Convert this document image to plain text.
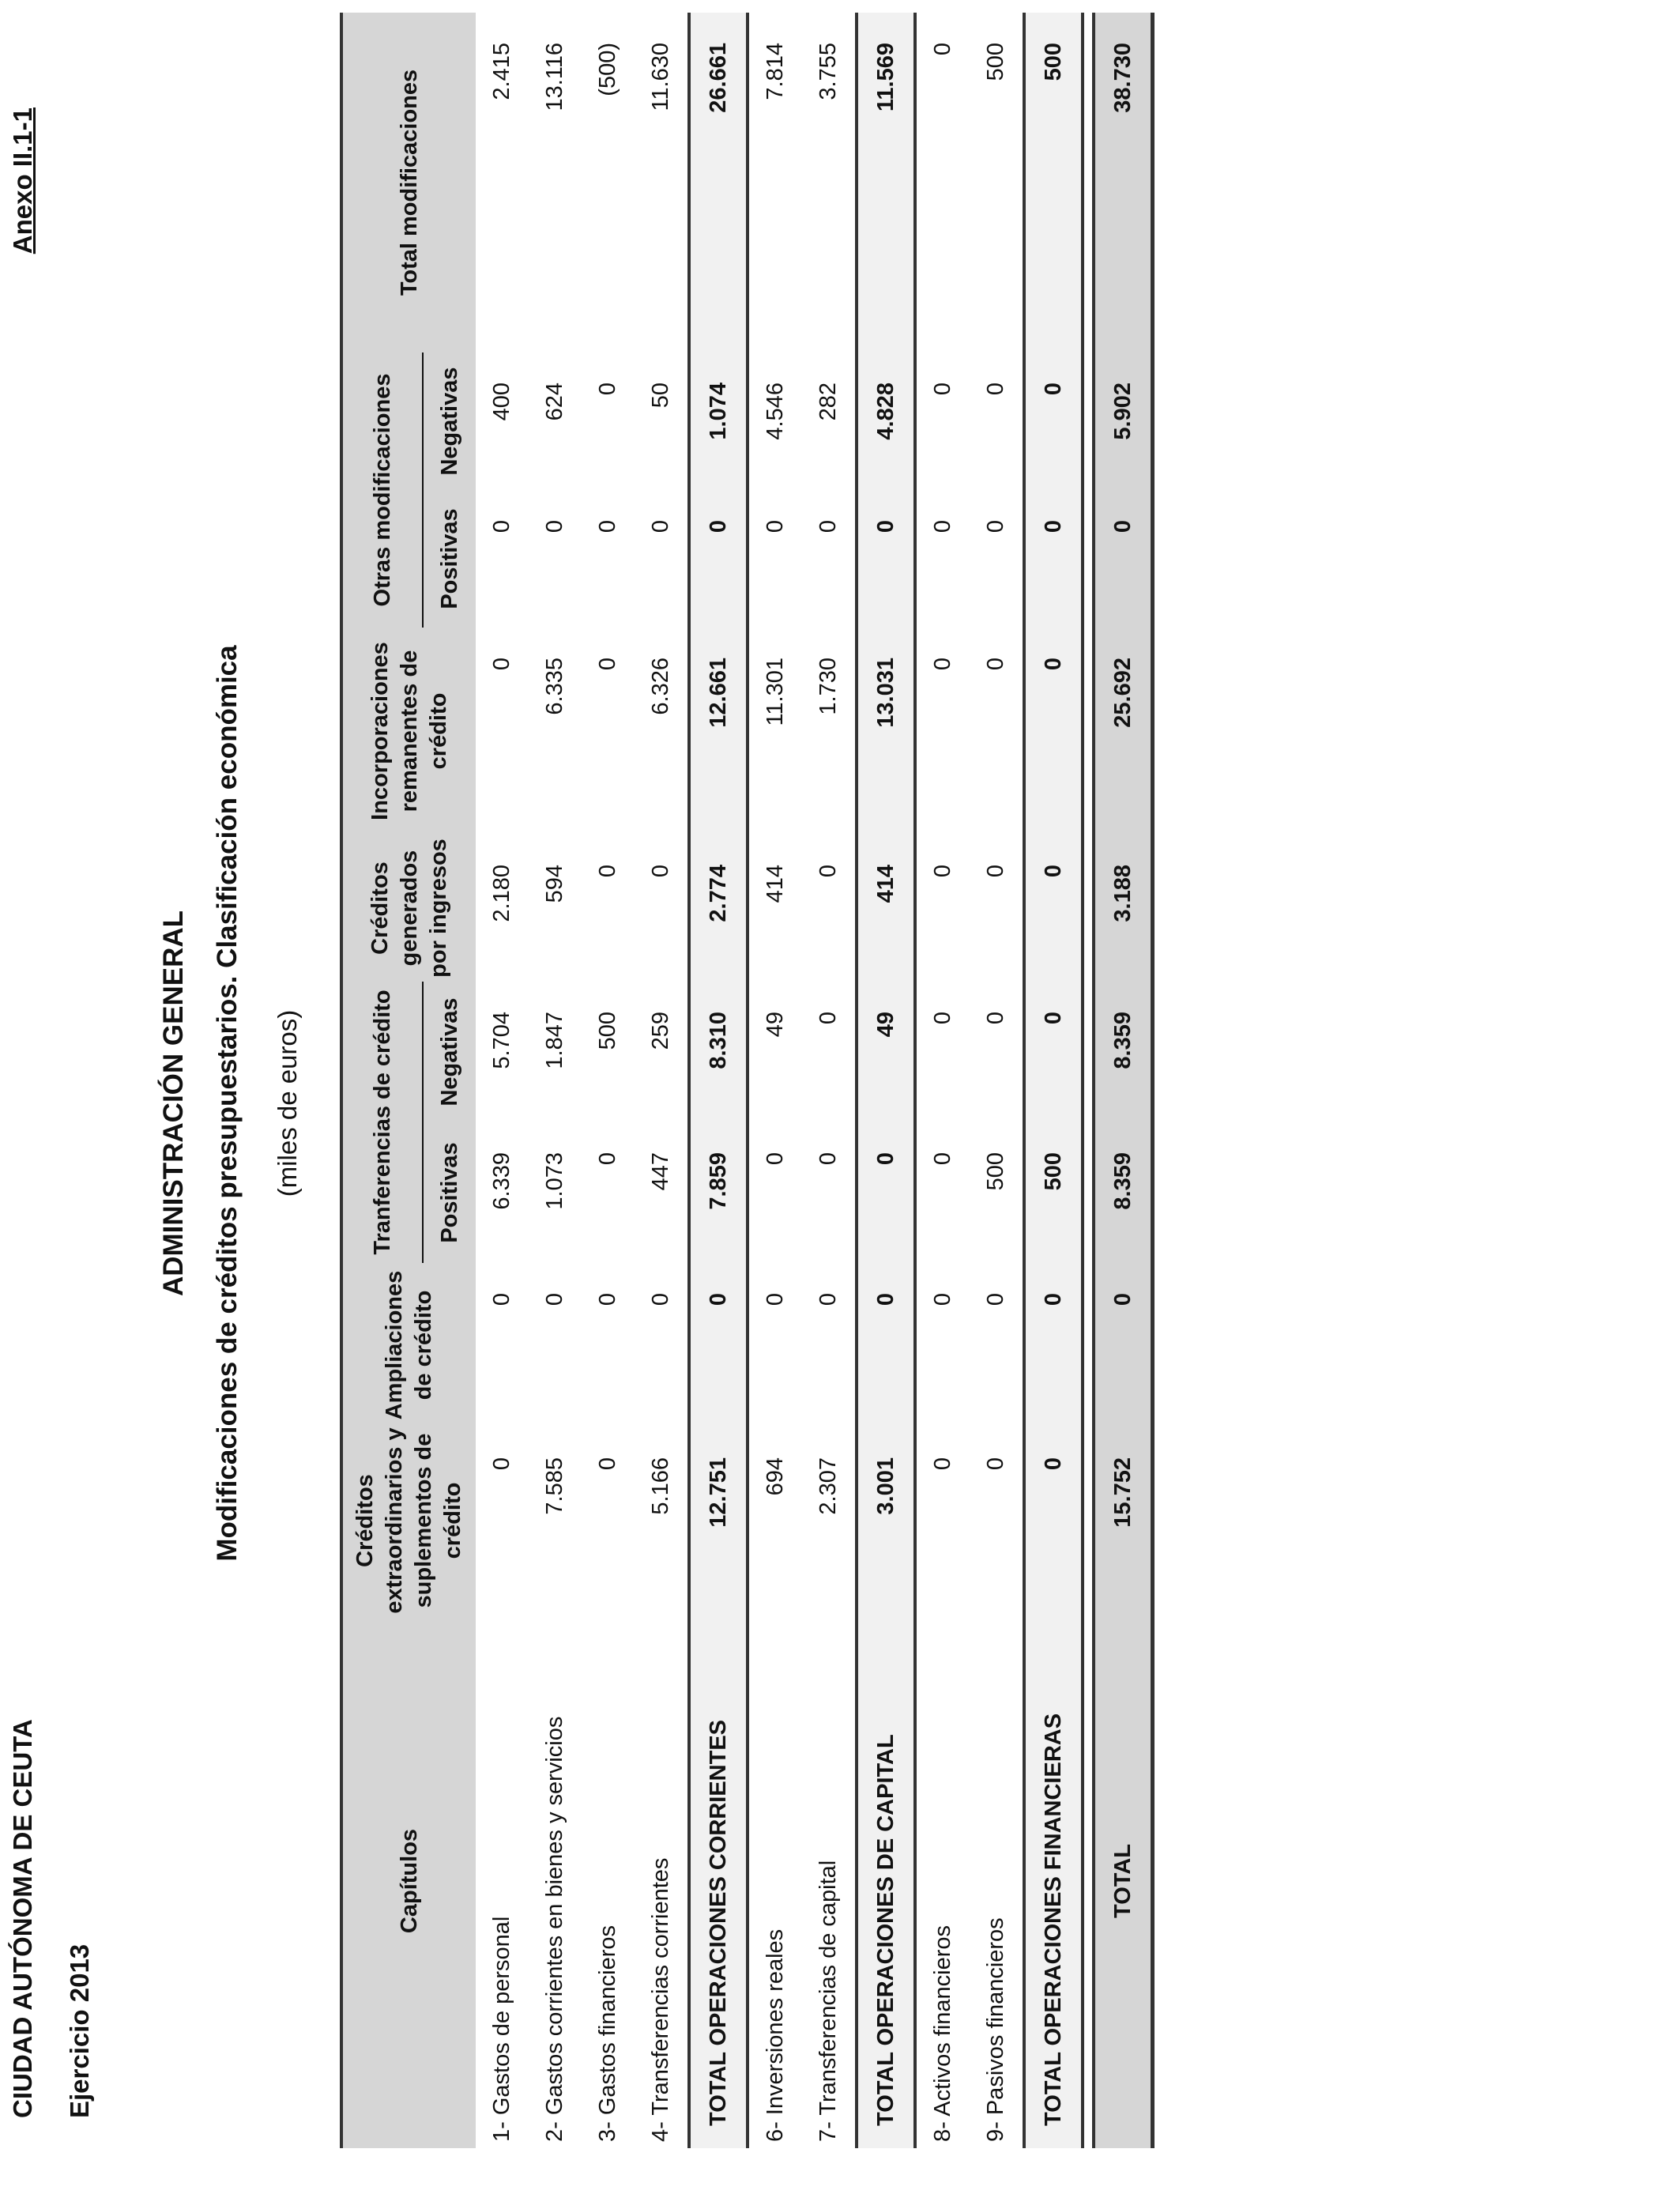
CIUDAD AUTÓNOMA DE CEUTA Ejercicio 2013
Anexo II.1-1
ADMINISTRACIÓN GENERAL Modificaciones de créditos presupuestarios. Clasificación económica (miles de euros)
Capítulos	Créditos extraordinarios y suplementos de crédito	Ampliaciones de crédito	Tranferencias de crédito		Créditos generados por ingresos	Incorporaciones remanentes de crédito	Otras modificaciones		Total modificaciones
			Positivas	Negativas			Positivas	Negativas	
1- Gastos de personal	0	0	6.339	5.704	2.180	0	0	400	2.415
2- Gastos corrientes en bienes y servicios	7.585	0	1.073	1.847	594	6.335	0	624	13.116
3- Gastos financieros	0	0	0	500	0	0	0	0	(500)
4- Transferencias corrientes	5.166	0	447	259	0	6.326	0	50	11.630
TOTAL OPERACIONES CORRIENTES	12.751	0	7.859	8.310	2.774	12.661	0	1.074	26.661
6- Inversiones reales	694	0	0	49	414	11.301	0	4.546	7.814
7- Transferencias de capital	2.307	0	0	0	0	1.730	0	282	3.755
TOTAL OPERACIONES DE CAPITAL	3.001	0	0	49	414	13.031	0	4.828	11.569
8- Activos financieros	0	0	0	0	0	0	0	0	0
9- Pasivos financieros	0	0	500	0	0	0	0	0	500
TOTAL OPERACIONES FINANCIERAS	0	0	500	0	0	0	0	0	500

TOTAL	15.752	0	8.359	8.359	3.188	25.692	0	5.902	38.730
